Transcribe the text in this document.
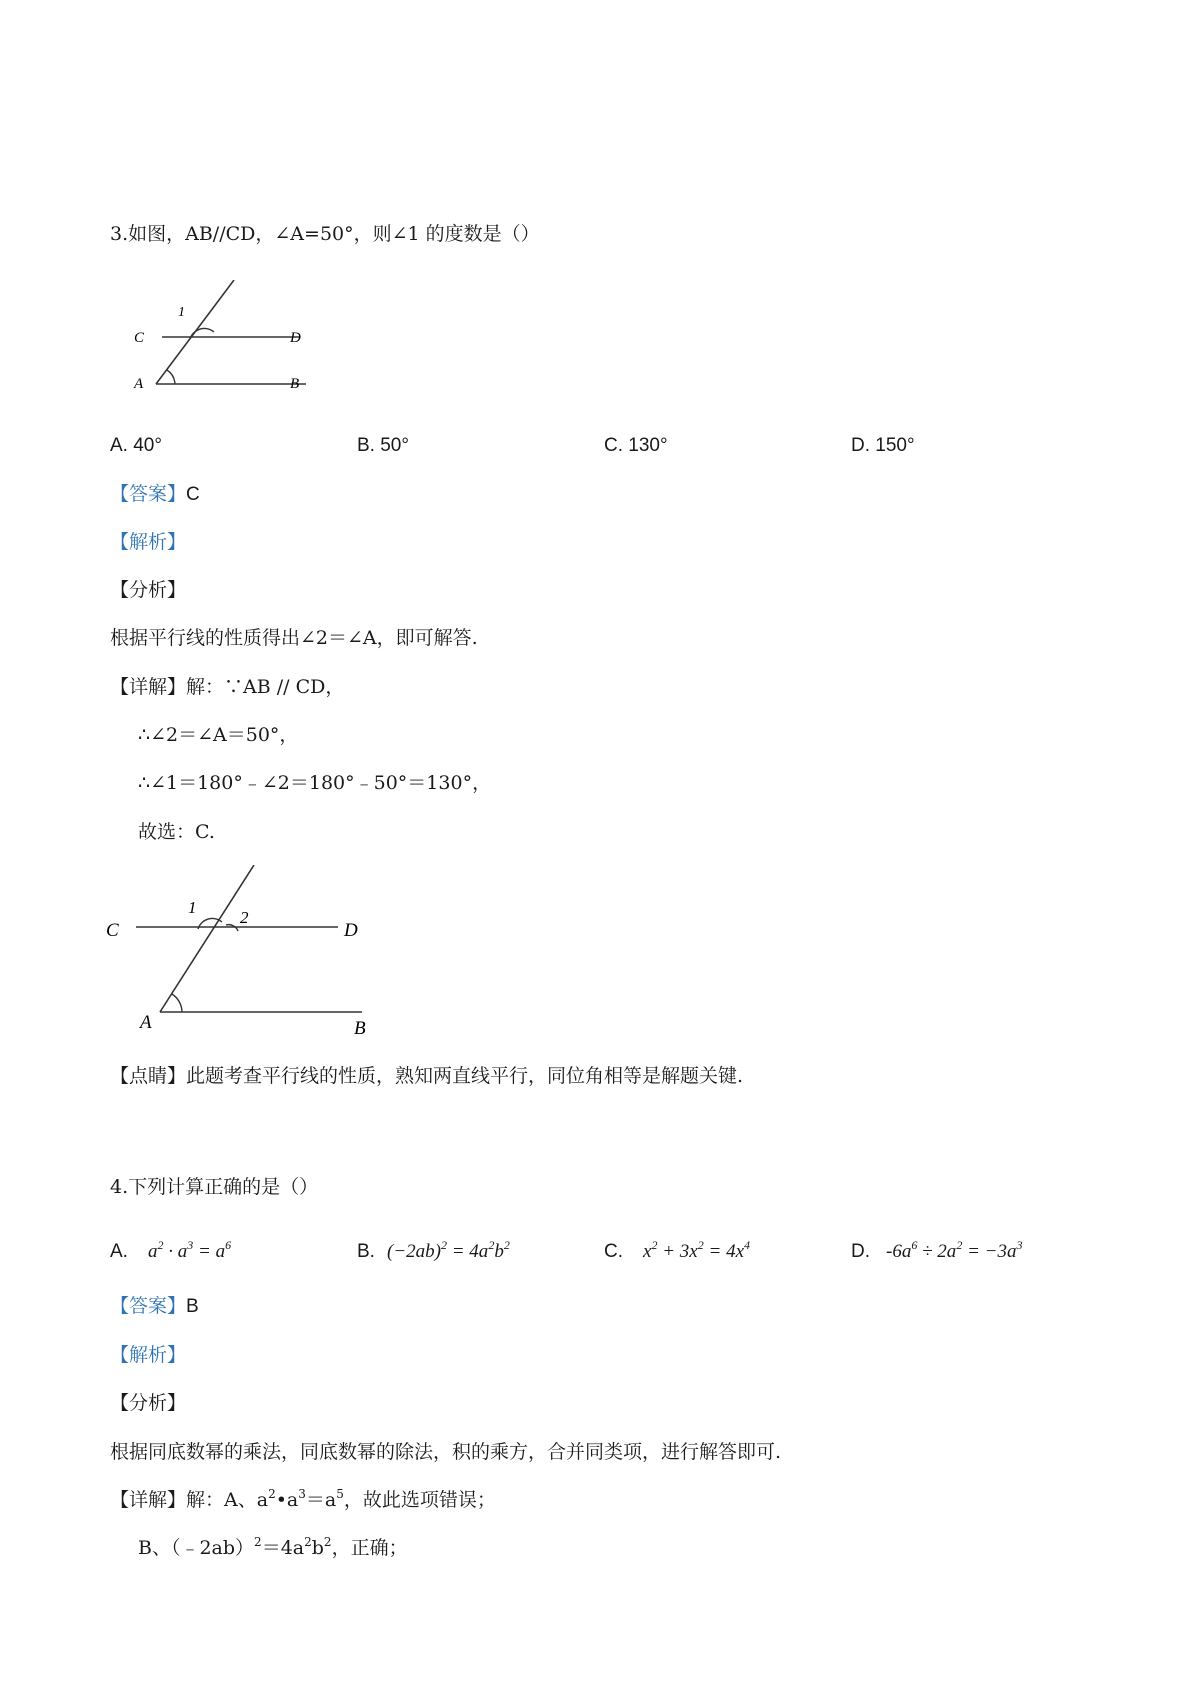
3.如图，AB//CD，∠A=50°，则∠1 的度数是（）
C	D
A	B
1
A. 40°	B. 50°	C. 130°	D. 150°
【答案】C
【解析】
【分析】
根据平行线的性质得出∠2＝∠A，即可解答.
【详解】解：∵AB // CD，
∴∠2＝∠A＝50°，
∴∠1＝180°﹣∠2＝180°﹣50°＝130°，
故选：C.
C	D
A	B
1
2
【点睛】此题考查平行线的性质，熟知两直线平行，同位角相等是解题关键.
4.下列计算正确的是（）
A. $a^2 \cdot a^3 = a^6$	B. $(-2ab)^2 = 4a^2b^2$	C. $x^2 + 3x^2 = 4x^4$	D. $-6a^6 \div 2a^2 = -3a^3$
【答案】B
【解析】
【分析】
根据同底数幂的乘法，同底数幂的除法，积的乘方，合并同类项，进行解答即可.
【详解】解：A、$a^2•a^3=a^5$，故此选项错误；
B、$(﹣2ab)^2=4a^2b^2$，正确；
